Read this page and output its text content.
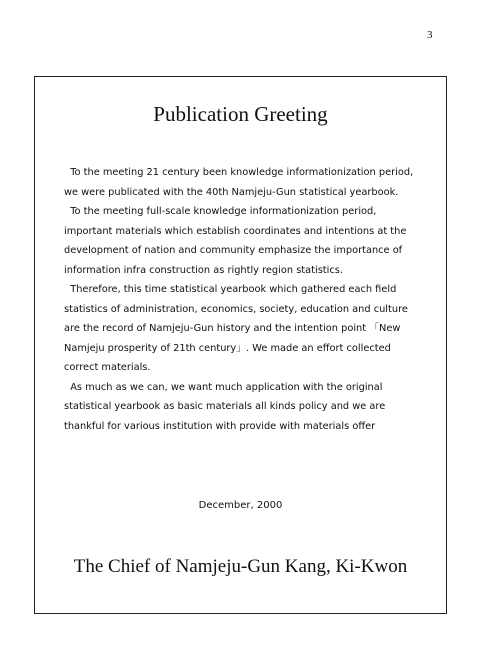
3
Publication Greeting
To the meeting 21 century been knowledge informationization period,
we were publicated with the 40th Namjeju-Gun statistical yearbook.
To the meeting full-scale knowledge informationization period,
important materials which establish coordinates and intentions at the
development of nation and community emphasize the importance of
information infra construction as rightly region statistics.
Therefore, this time statistical yearbook which gathered each field
statistics of administration, economics, society, education and culture
are the record of Namjeju-Gun history and the intention point 「New
Namjeju prosperity of 21th century」. We made an effort collected
correct materials.
As much as we can, we want much application with the original
statistical yearbook as basic materials all kinds policy and we are
thankful for various institution with provide with materials offer
December, 2000
The Chief of Namjeju-Gun Kang, Ki-Kwon
